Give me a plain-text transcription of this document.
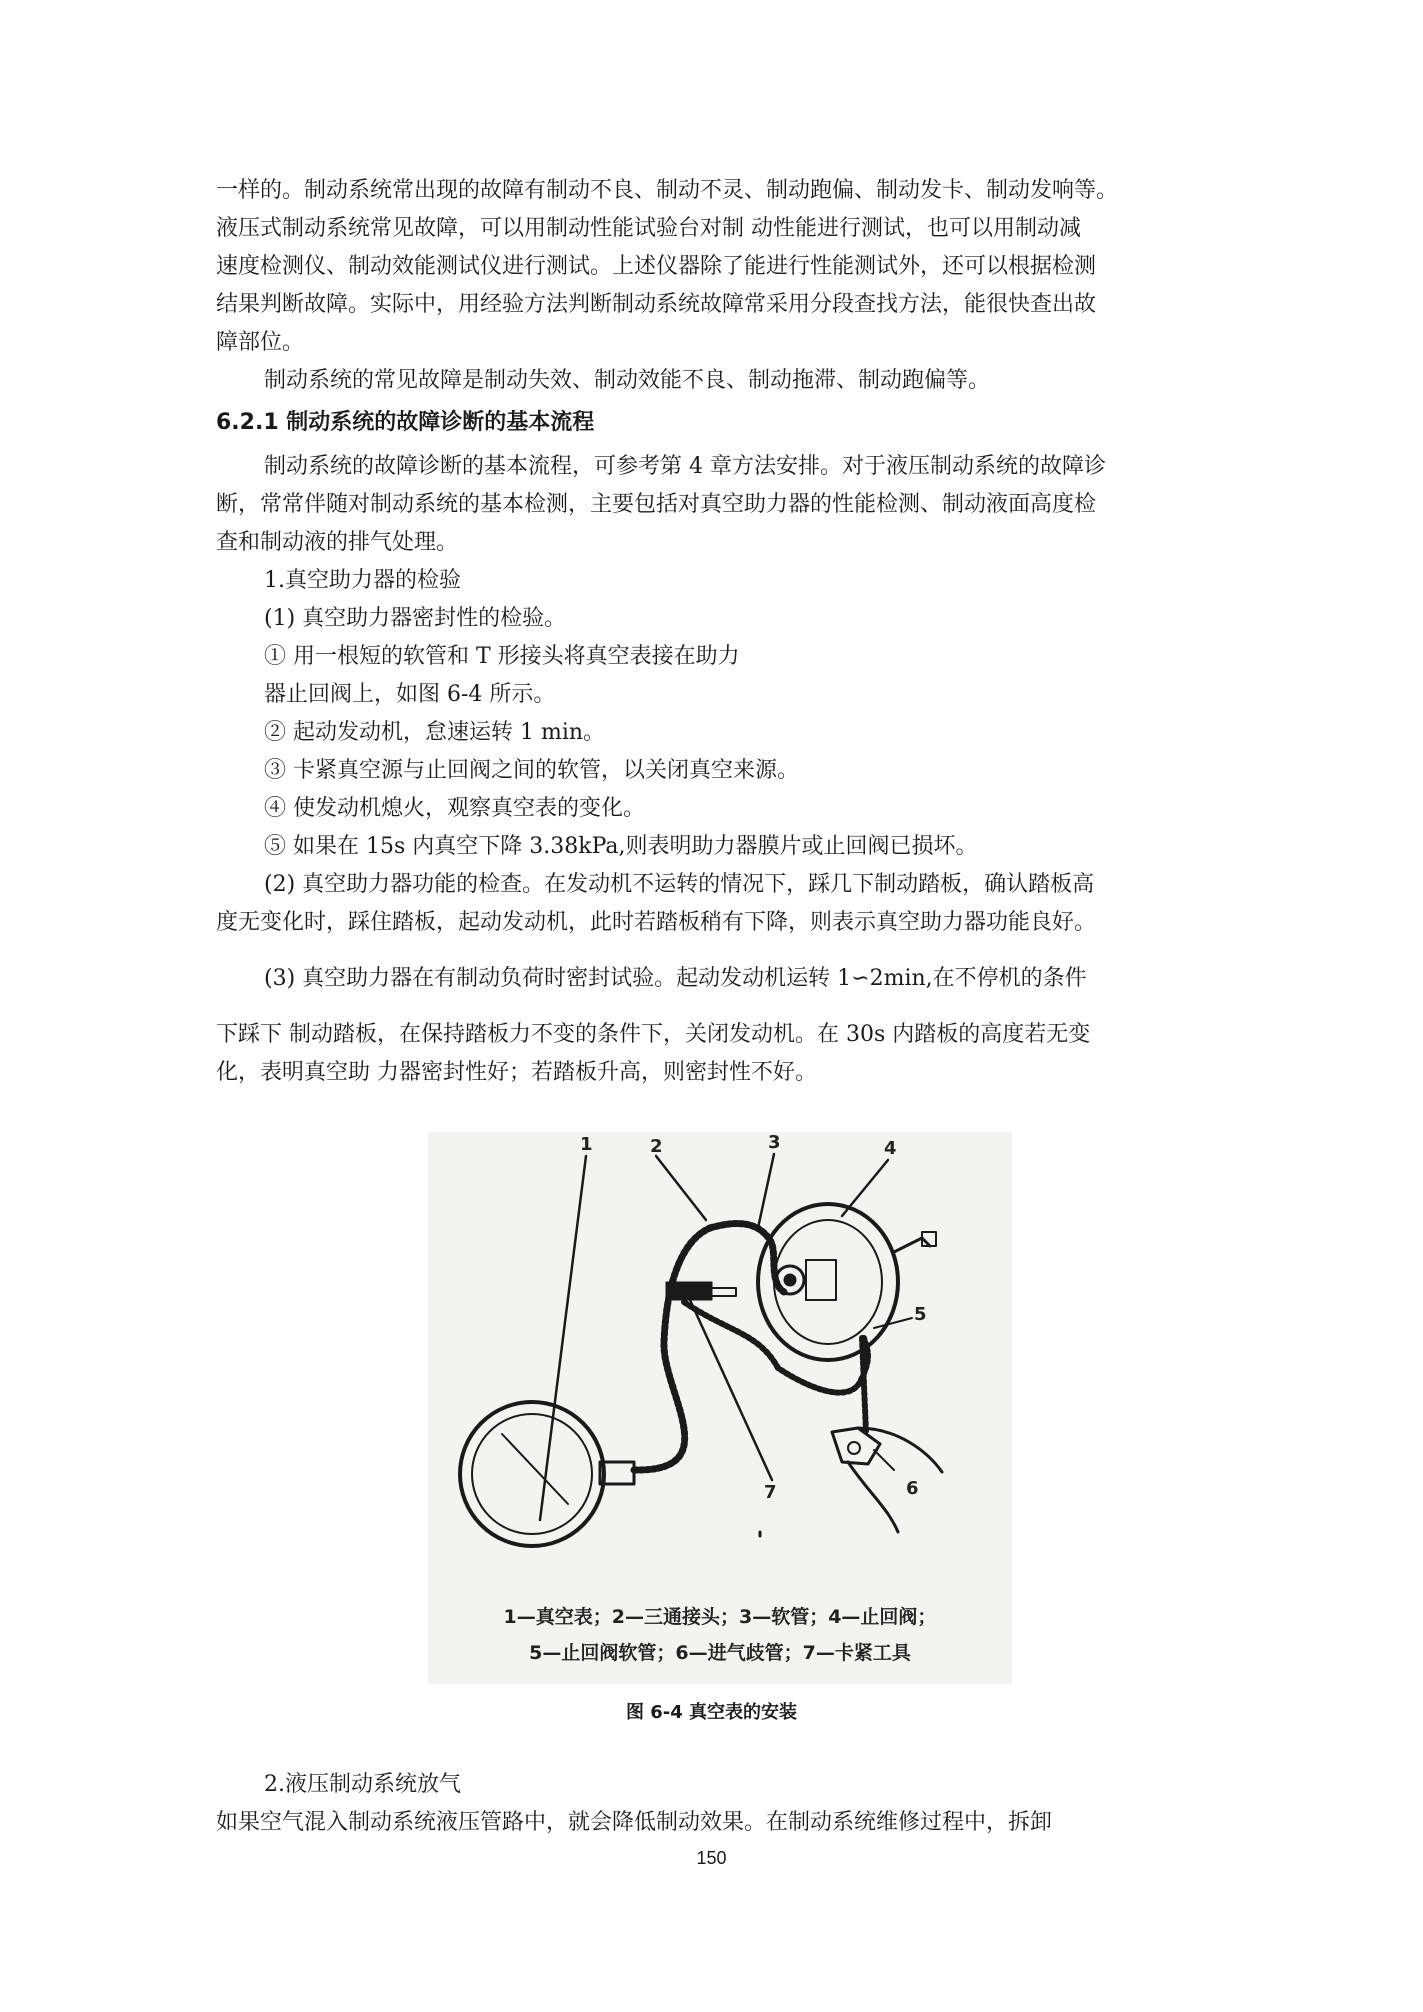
一样的。制动系统常出现的故障有制动不良、制动不灵、制动跑偏、制动发卡、制动发响等。

液压式制动系统常见故障，可以用制动性能试验台对制 动性能进行测试，也可以用制动减

速度检测仪、制动效能测试仪进行测试。上述仪器除了能进行性能测试外，还可以根据检测

结果判断故障。实际中，用经验方法判断制动系统故障常采用分段查找方法，能很快查出故

障部位。

制动系统的常见故障是制动失效、制动效能不良、制动拖滞、制动跑偏等。

6.2.1 制动系统的故障诊断的基本流程

制动系统的故障诊断的基本流程，可参考第 4 章方法安排。对于液压制动系统的故障诊

断，常常伴随对制动系统的基本检测，主要包括对真空助力器的性能检测、制动液面高度检

查和制动液的排气处理。

1.真空助力器的检验

(1) 真空助力器密封性的检验。

① 用一根短的软管和 T 形接头将真空表接在助力

器止回阀上，如图 6-4 所示。

② 起动发动机，怠速运转 1 min。

③ 卡紧真空源与止回阀之间的软管，以关闭真空来源。

④ 使发动机熄火，观察真空表的变化。

⑤ 如果在 15s 内真空下降 3.38kPa,则表明助力器膜片或止回阀已损坏。

(2) 真空助力器功能的检查。在发动机不运转的情况下，踩几下制动踏板，确认踏板高

度无变化时，踩住踏板，起动发动机，此时若踏板稍有下降，则表示真空助力器功能良好。

(3) 真空助力器在有制动负荷时密封试验。起动发动机运转 1∽2min,在不停机的条件

下踩下 制动踏板，在保持踏板力不变的条件下，关闭发动机。在 30s 内踏板的高度若无变

化，表明真空助 力器密封性好；若踏板升高，则密封性不好。

1	2	3	4
5
6
7
1—真空表；2—三通接头；3—软管；4—止回阀；
5—止回阀软管；6—进气歧管；7—卡紧工具
图 6-4 真空表的安装

2.液压制动系统放气

如果空气混入制动系统液压管路中，就会降低制动效果。在制动系统维修过程中，拆卸

150
